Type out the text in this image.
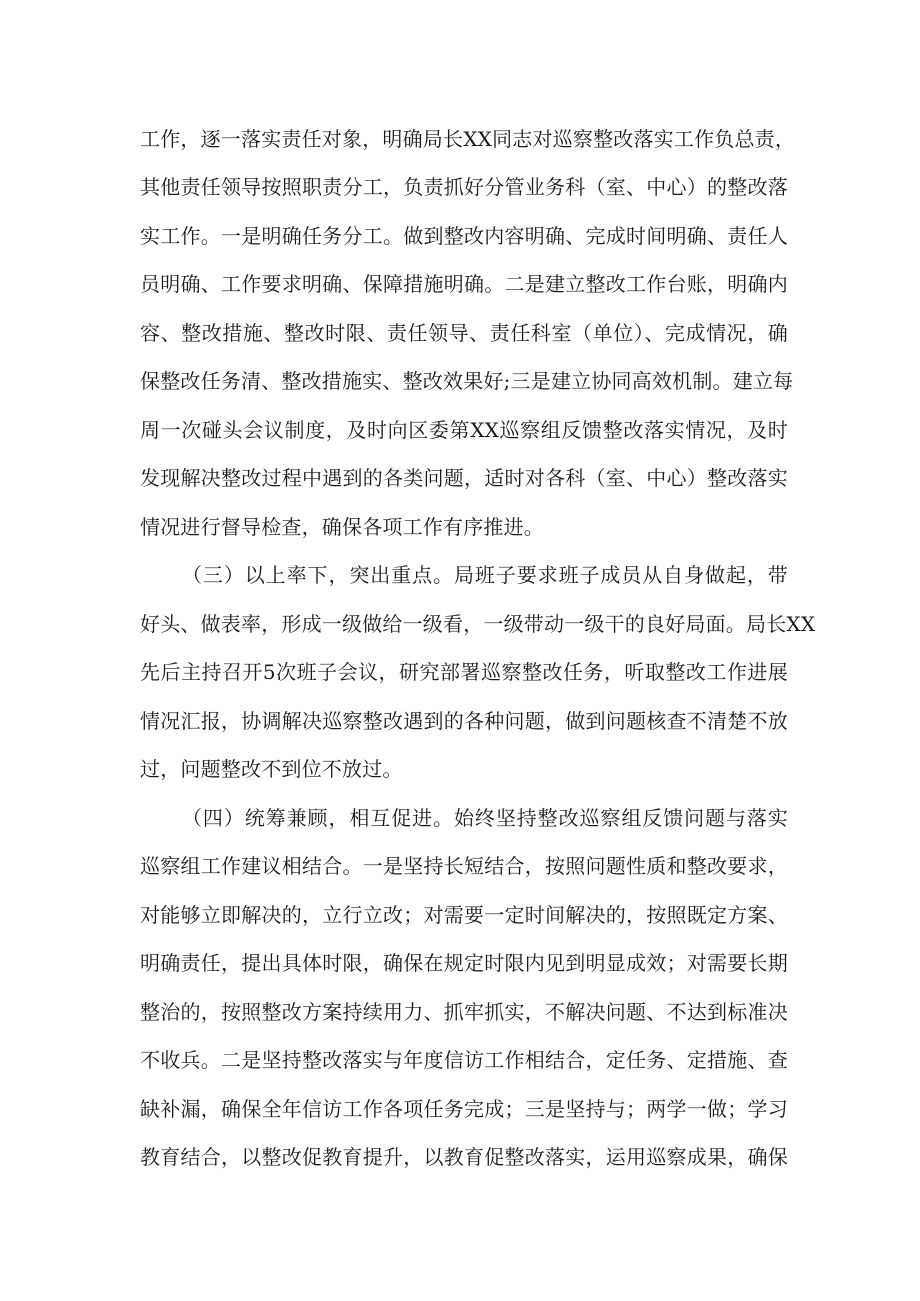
工作，逐一落实责任对象，明确局长XX同志对巡察整改落实工作负总责，
其他责任领导按照职责分工，负责抓好分管业务科（室、中心）的整改落
实工作。一是明确任务分工。做到整改内容明确、完成时间明确、责任人
员明确、工作要求明确、保障措施明确。二是建立整改工作台账，明确内
容、整改措施、整改时限、责任领导、责任科室（单位）、完成情况，确
保整改任务清、整改措施实、整改效果好;三是建立协同高效机制。建立每
周一次碰头会议制度，及时向区委第XX巡察组反馈整改落实情况，及时
发现解决整改过程中遇到的各类问题，适时对各科（室、中心）整改落实
情况进行督导检查，确保各项工作有序推进。
（三）以上率下，突出重点。局班子要求班子成员从自身做起，带
好头、做表率，形成一级做给一级看，一级带动一级干的良好局面。局长XX
先后主持召开5次班子会议，研究部署巡察整改任务，听取整改工作进展
情况汇报，协调解决巡察整改遇到的各种问题，做到问题核查不清楚不放
过，问题整改不到位不放过。
（四）统筹兼顾，相互促进。始终坚持整改巡察组反馈问题与落实
巡察组工作建议相结合。一是坚持长短结合，按照问题性质和整改要求，
对能够立即解决的，立行立改；对需要一定时间解决的，按照既定方案、
明确责任，提出具体时限，确保在规定时限内见到明显成效；对需要长期
整治的，按照整改方案持续用力、抓牢抓实，不解决问题、不达到标准决
不收兵。二是坚持整改落实与年度信访工作相结合，定任务、定措施、查
缺补漏，确保全年信访工作各项任务完成；三是坚持与；两学一做；学习
教育结合，以整改促教育提升，以教育促整改落实，运用巡察成果，确保
